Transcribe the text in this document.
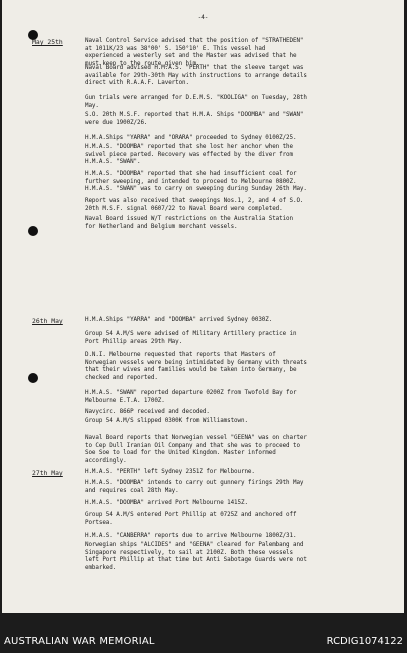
-4-
May 25th	Naval Control Service advised that the position of "STRATHEDEN"
at 1011K/23 was 38°00' S. 150°10' E. This vessel had
experienced a westerly set and the Master was advised that he
must keep to the route given him.
Naval Board advised H.M.A.S. "PERTH" that the sleeve target was
available for 29th-30th May with instructions to arrange details
direct with R.A.A.F. Laverton.
Gun trials were arranged for D.E.M.S. "KOOLIGA" on Tuesday, 28th
May.
S.O. 20th M.S.F. reported that H.M.A. Ships "DOOMBA" and "SWAN"
were due 1900Z/26.
H.M.A.Ships "YARRA" and "ORARA" proceeded to Sydney 0100Z/25.
H.M.A.S. "DOOMBA" reported that she lost her anchor when the
swivel piece parted. Recovery was effected by the diver from
H.M.A.S. "SWAN".
H.M.A.S. "DOOMBA" reported that she had insufficient coal for
further sweeping, and intended to proceed to Melbourne 0800Z.
H.M.A.S. "SWAN" was to carry on sweeping during Sunday 26th May.
Report was also received that sweepings Nos.1, 2, and 4 of S.O.
20th M.S.F. signal 0607/22 to Naval Board were completed.
Naval Board issued W/T restrictions on the Australia Station
for Netherland and Belgium merchant vessels.
26th May	H.M.A.Ships "YARRA" and "DOOMBA" arrived Sydney 0030Z.
Group 54 A.M/S were advised of Military Artillery practice in
Port Phillip areas 29th May.
D.N.I. Melbourne requested that reports that Masters of
Norwegian vessels were being intimidated by Germany with threats
that their wives and families would be taken into Germany, be
checked and reported.
H.M.A.S. "SWAN" reported departure 0200Z from Twofold Bay for
Melbourne E.T.A. 1700Z.
Navycirc. 866P received and decoded.
Group 54 A.M/S slipped 0300K from Williamstown.
Naval Board reports that Norwegian vessel "GEENA" was on charter
to Cep Dull Iranian Oil Company and that she was to proceed to
Soe Soe to load for the United Kingdom. Master informed
accordingly.
27th May	H.M.A.S. "PERTH" left Sydney 2351Z for Melbourne.
H.M.A.S. "DOOMBA" intends to carry out gunnery firings 29th May
and requires coal 28th May.
H.M.A.S. "DOOMBA" arrived Port Melbourne 1415Z.
Group 54 A.M/S entered Port Phillip at 0725Z and anchored off
Portsea.
H.M.A.S. "CANBERRA" reports due to arrive Melbourne 1800Z/31.
Norwegian ships "ALCIDES" and "GEENA" cleared for Palembang and
Singapore respectively, to sail at 2100Z. Both these vessels
left Port Phillip at that time but Anti Sabotage Guards were not
embarked.
AUSTRALIAN WAR MEMORIAL	RCDIG1074122
